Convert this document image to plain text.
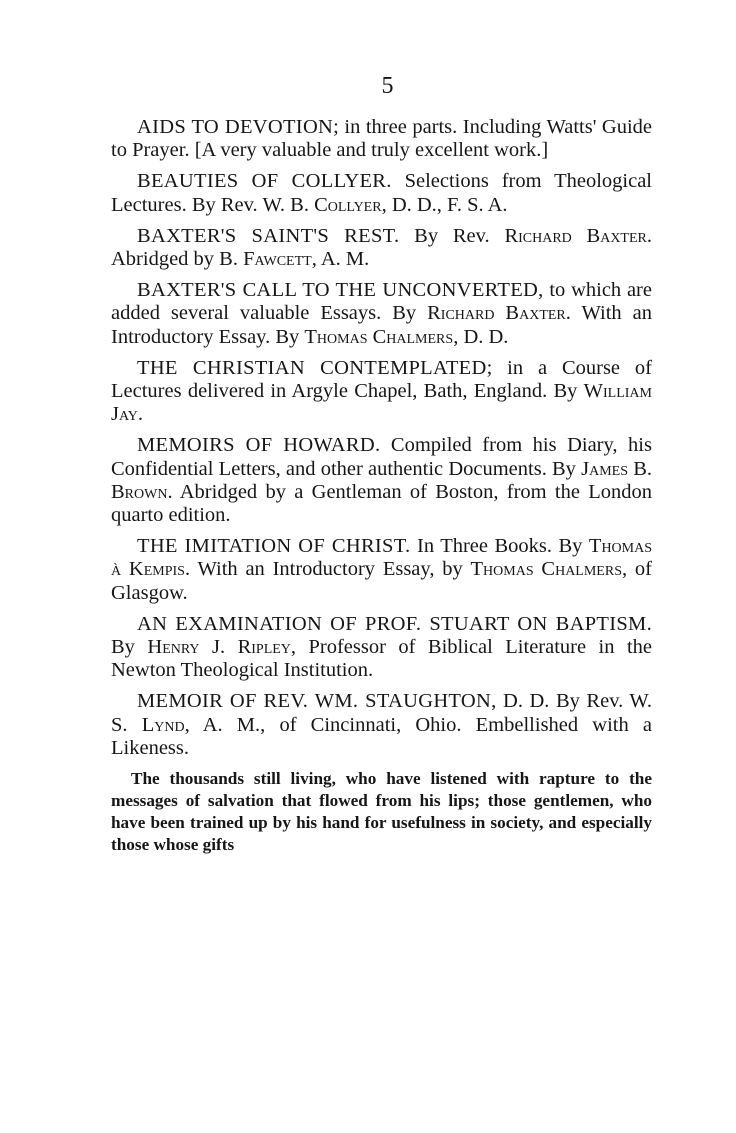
5

AIDS TO DEVOTION; in three parts. Including Watts' Guide to Prayer. [A very valuable and truly excellent work.]

BEAUTIES OF COLLYER. Selections from Theological Lectures. By Rev. W. B. Collyer, D. D., F. S. A.

BAXTER'S SAINT'S REST. By Rev. Richard Baxter. Abridged by B. Fawcett, A. M.

BAXTER'S CALL TO THE UNCONVERTED, to which are added several valuable Essays. By Richard Baxter. With an Introductory Essay. By Thomas Chalmers, D. D.

THE CHRISTIAN CONTEMPLATED; in a Course of Lectures delivered in Argyle Chapel, Bath, England. By William Jay.

MEMOIRS OF HOWARD. Compiled from his Diary, his Confidential Letters, and other authentic Documents. By James B. Brown. Abridged by a Gentleman of Boston, from the London quarto edition.

THE IMITATION OF CHRIST. In Three Books. By Thomas à Kempis. With an Introductory Essay, by Thomas Chalmers, of Glasgow.

AN EXAMINATION OF PROF. STUART ON BAPTISM. By Henry J. Ripley, Professor of Biblical Literature in the Newton Theological Institution.

MEMOIR OF REV. WM. STAUGHTON, D. D. By Rev. W. S. Lynd, A. M., of Cincinnati, Ohio. Embellished with a Likeness.

The thousands still living, who have listened with rapture to the messages of salvation that flowed from his lips; those gentlemen, who have been trained up by his hand for usefulness in society, and especially those whose gifts
